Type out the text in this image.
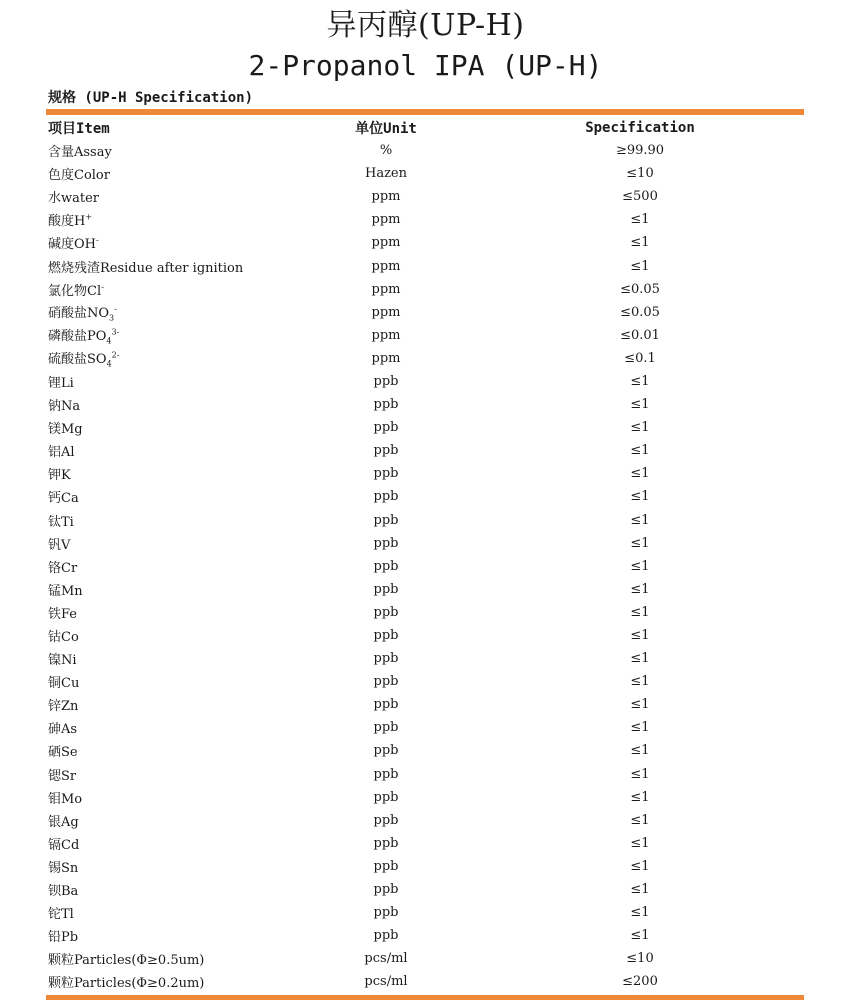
异丙醇(UP-H)
2-Propanol IPA (UP-H)
规格 (UP-H Specification)
项目Item	单位Unit	Specification
含量Assay	%	≥99.90
色度Color	Hazen	≤10
水water	ppm	≤500
酸度H+	ppm	≤1
碱度OH-	ppm	≤1
燃烧残渣Residue after ignition	ppm	≤1
氯化物Cl-	ppm	≤0.05
硝酸盐$NO_3^-$	ppm	≤0.05
磷酸盐$PO_4^{3-}$	ppm	≤0.01
硫酸盐$SO_4^{2-}$	ppm	≤0.1
锂Li	ppb	≤1
钠Na	ppb	≤1
镁Mg	ppb	≤1
铝Al	ppb	≤1
钾K	ppb	≤1
钙Ca	ppb	≤1
钛Ti	ppb	≤1
钒V	ppb	≤1
铬Cr	ppb	≤1
锰Mn	ppb	≤1
铁Fe	ppb	≤1
钴Co	ppb	≤1
镍Ni	ppb	≤1
铜Cu	ppb	≤1
锌Zn	ppb	≤1
砷As	ppb	≤1
硒Se	ppb	≤1
锶Sr	ppb	≤1
钼Mo	ppb	≤1
银Ag	ppb	≤1
镉Cd	ppb	≤1
锡Sn	ppb	≤1
钡Ba	ppb	≤1
铊Tl	ppb	≤1
铅Pb	ppb	≤1
颗粒Particles(Φ≥0.5um)	pcs/ml	≤10
颗粒Particles(Φ≥0.2um)	pcs/ml	≤200
